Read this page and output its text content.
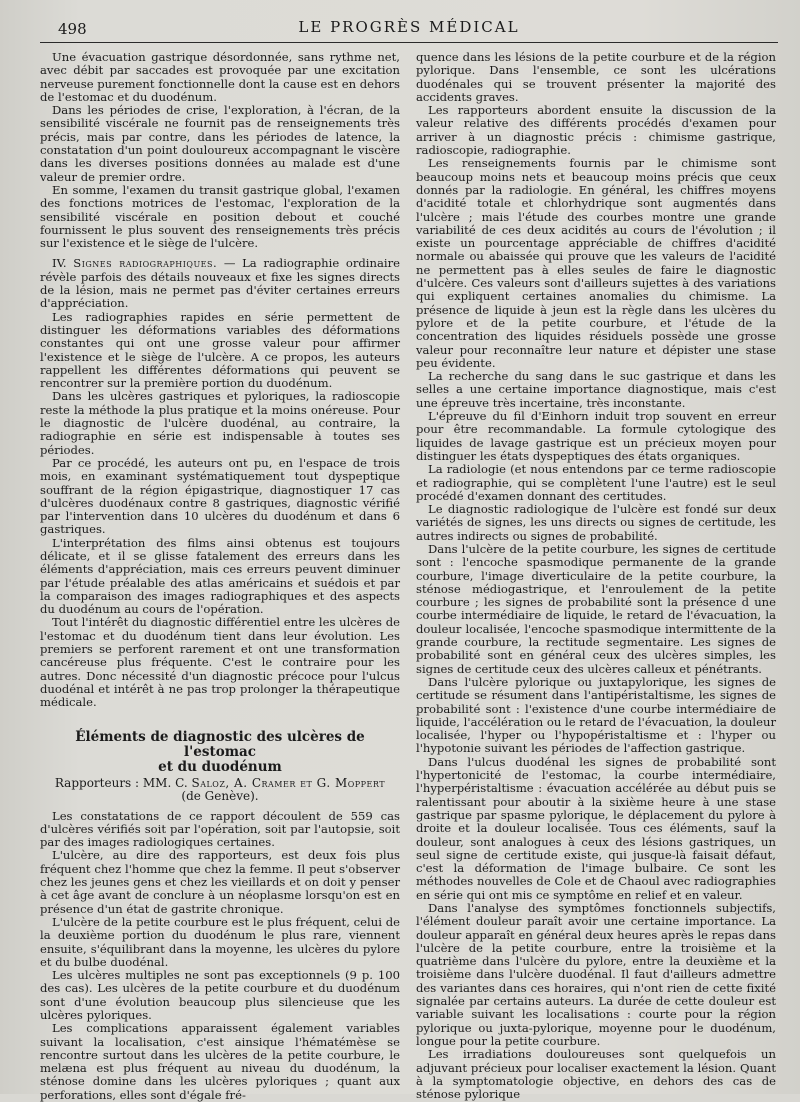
498	LE PROGRÈS MÉDICAL

Une évacuation gastrique désordonnée, sans rythme net, avec débit par saccades est provoquée par une excitation nerveuse purement fonctionnelle dont la cause est en dehors de l'estomac et du duodénum.

Dans les périodes de crise, l'exploration, à l'écran, de la sensibilité viscérale ne fournit pas de renseignements très précis, mais par contre, dans les périodes de latence, la constatation d'un point douloureux accompagnant le viscère dans les diverses positions données au malade est d'une valeur de premier ordre.

En somme, l'examen du transit gastrique global, l'examen des fonctions motrices de l'estomac, l'exploration de la sensibilité viscérale en position debout et couché fournissent le plus souvent des renseignements très précis sur l'existence et le siège de l'ulcère.

IV. Signes radiographiques. — La radiographie ordinaire révèle parfois des détails nouveaux et fixe les signes directs de la lésion, mais ne permet pas d'éviter certaines erreurs d'appréciation.

Les radiographies rapides en série permettent de distinguer les déformations variables des déformations constantes qui ont une grosse valeur pour affirmer l'existence et le siège de l'ulcère. A ce propos, les auteurs rappellent les différentes déformations qui peuvent se rencontrer sur la première portion du duodénum.

Dans les ulcères gastriques et pyloriques, la radioscopie reste la méthode la plus pratique et la moins onéreuse. Pour le diagnostic de l'ulcère duodénal, au contraire, la radiographie en série est indispensable à toutes ses périodes.

Par ce procédé, les auteurs ont pu, en l'espace de trois mois, en examinant systématiquement tout dyspeptique souffrant de la région épigastrique, diagnostiquer 17 cas d'ulcères duodénaux contre 8 gastriques, diagnostic vérifié par l'intervention dans 10 ulcères du duodénum et dans 6 gastriques.

L'interprétation des films ainsi obtenus est toujours délicate, et il se glisse fatalement des erreurs dans les éléments d'appréciation, mais ces erreurs peuvent diminuer par l'étude préalable des atlas américains et suédois et par la comparaison des images radiographiques et des aspects du duodénum au cours de l'opération.

Tout l'intérêt du diagnostic différentiel entre les ulcères de l'estomac et du duodénum tient dans leur évolution. Les premiers se perforent rarement et ont une transformation cancéreuse plus fréquente. C'est le contraire pour les autres. Donc nécessité d'un diagnostic précoce pour l'ulcus duodénal et intérêt à ne pas trop prolonger la thérapeutique médicale.

Éléments de diagnostic des ulcères de l'estomac
et du duodénum
Rapporteurs : MM. C. Saloz, A. Cramer et G. Moppert
(de Genève).

Les constatations de ce rapport découlent de 559 cas d'ulcères vérifiés soit par l'opération, soit par l'autopsie, soit par des images radiologiques certaines.

L'ulcère, au dire des rapporteurs, est deux fois plus fréquent chez l'homme que chez la femme. Il peut s'observer chez les jeunes gens et chez les vieillards et on doit y penser à cet âge avant de conclure à un néoplasme lorsqu'on est en présence d'un état de gastrite chronique.

L'ulcère de la petite courbure est le plus fréquent, celui de la deuxième portion du duodénum le plus rare, viennent ensuite, s'équilibrant dans la moyenne, les ulcères du pylore et du bulbe duodénal.

Les ulcères multiples ne sont pas exceptionnels (9 p. 100 des cas). Les ulcères de la petite courbure et du duodénum sont d'une évolution beaucoup plus silencieuse que les ulcères pyloriques.

Les complications apparaissent également variables suivant la localisation, c'est ainsique l'hématémèse se rencontre surtout dans les ulcères de la petite courbure, le melæna est plus fréquent au niveau du duodénum, la sténose domine dans les ulcères pyloriques ; quant aux perforations, elles sont d'égale fré-

quence dans les lésions de la petite courbure et de la région pylorique. Dans l'ensemble, ce sont les ulcérations duodénales qui se trouvent présenter la majorité des accidents graves.

Les rapporteurs abordent ensuite la discussion de la valeur relative des différents procédés d'examen pour arriver à un diagnostic précis : chimisme gastrique, radioscopie, radiographie.

Les renseignements fournis par le chimisme sont beaucoup moins nets et beaucoup moins précis que ceux donnés par la radiologie. En général, les chiffres moyens d'acidité totale et chlorhydrique sont augmentés dans l'ulcère ; mais l'étude des courbes montre une grande variabilité de ces deux acidités au cours de l'évolution ; il existe un pourcentage appréciable de chiffres d'acidité normale ou abaissée qui prouve que les valeurs de l'acidité ne permettent pas à elles seules de faire le diagnostic d'ulcère. Ces valeurs sont d'ailleurs sujettes à des variations qui expliquent certaines anomalies du chimisme. La présence de liquide à jeun est la règle dans les ulcères du pylore et de la petite courbure, et l'étude de la concentration des liquides résiduels possède une grosse valeur pour reconnaître leur nature et dépister une stase peu évidente.

La recherche du sang dans le suc gastrique et dans les selles a une certaine importance diagnostique, mais c'est une épreuve très incertaine, très inconstante.

L'épreuve du fil d'Einhorn induit trop souvent en erreur pour être recommandable. La formule cytologique des liquides de lavage gastrique est un précieux moyen pour distinguer les états dyspeptiques des états organiques.

La radiologie (et nous entendons par ce terme radioscopie et radiographie, qui se complètent l'une l'autre) est le seul procédé d'examen donnant des certitudes.

Le diagnostic radiologique de l'ulcère est fondé sur deux variétés de signes, les uns directs ou signes de certitude, les autres indirects ou signes de probabilité.

Dans l'ulcère de la petite courbure, les signes de certitude sont : l'encoche spasmodique permanente de la grande courbure, l'image diverticulaire de la petite courbure, la sténose médiogastrique, et l'enroulement de la petite courbure ; les signes de probabilité sont la présence d une courbe intermédiaire de liquide, le retard de l'évacuation, la douleur localisée, l'encoche spasmodique intermittente de la grande courbure, la rectitude segmentaire. Les signes de probabilité sont en général ceux des ulcères simples, les signes de certitude ceux des ulcères calleux et pénétrants.

Dans l'ulcère pylorique ou juxtapylorique, les signes de certitude se résument dans l'antipéristaltisme, les signes de probabilité sont : l'existence d'une courbe intermédiaire de liquide, l'accélération ou le retard de l'évacuation, la douleur localisée, l'hyper ou l'hypopéristaltisme et : l'hyper ou l'hypotonie suivant les périodes de l'affection gastrique.

Dans l'ulcus duodénal les signes de probabilité sont l'hypertonicité de l'estomac, la courbe intermédiaire, l'hyperpéristaltisme : évacuation accélérée au début puis se ralentissant pour aboutir à la sixième heure à une stase gastrique par spasme pylorique, le déplacement du pylore à droite et la douleur localisée. Tous ces éléments, sauf la douleur, sont analogues à ceux des lésions gastriques, un seul signe de certitude existe, qui jusque-là faisait défaut, c'est la déformation de l'image bulbaire. Ce sont les méthodes nouvelles de Cole et de Chaoul avec radiographies en série qui ont mis ce symptôme en relief et en valeur.

Dans l'analyse des symptômes fonctionnels subjectifs, l'élément douleur paraît avoir une certaine importance. La douleur apparaît en général deux heures après le repas dans l'ulcère de la petite courbure, entre la troisième et la quatrième dans l'ulcère du pylore, entre la deuxième et la troisième dans l'ulcère duodénal. Il faut d'ailleurs admettre des variantes dans ces horaires, qui n'ont rien de cette fixité signalée par certains auteurs. La durée de cette douleur est variable suivant les localisations : courte pour la région pylorique ou juxta-pylorique, moyenne pour le duodénum, longue pour la petite courbure.

Les irradiations douloureuses sont quelquefois un adjuvant précieux pour localiser exactement la lésion. Quant à la symptomatologie objective, en dehors des cas de sténose pylorique
